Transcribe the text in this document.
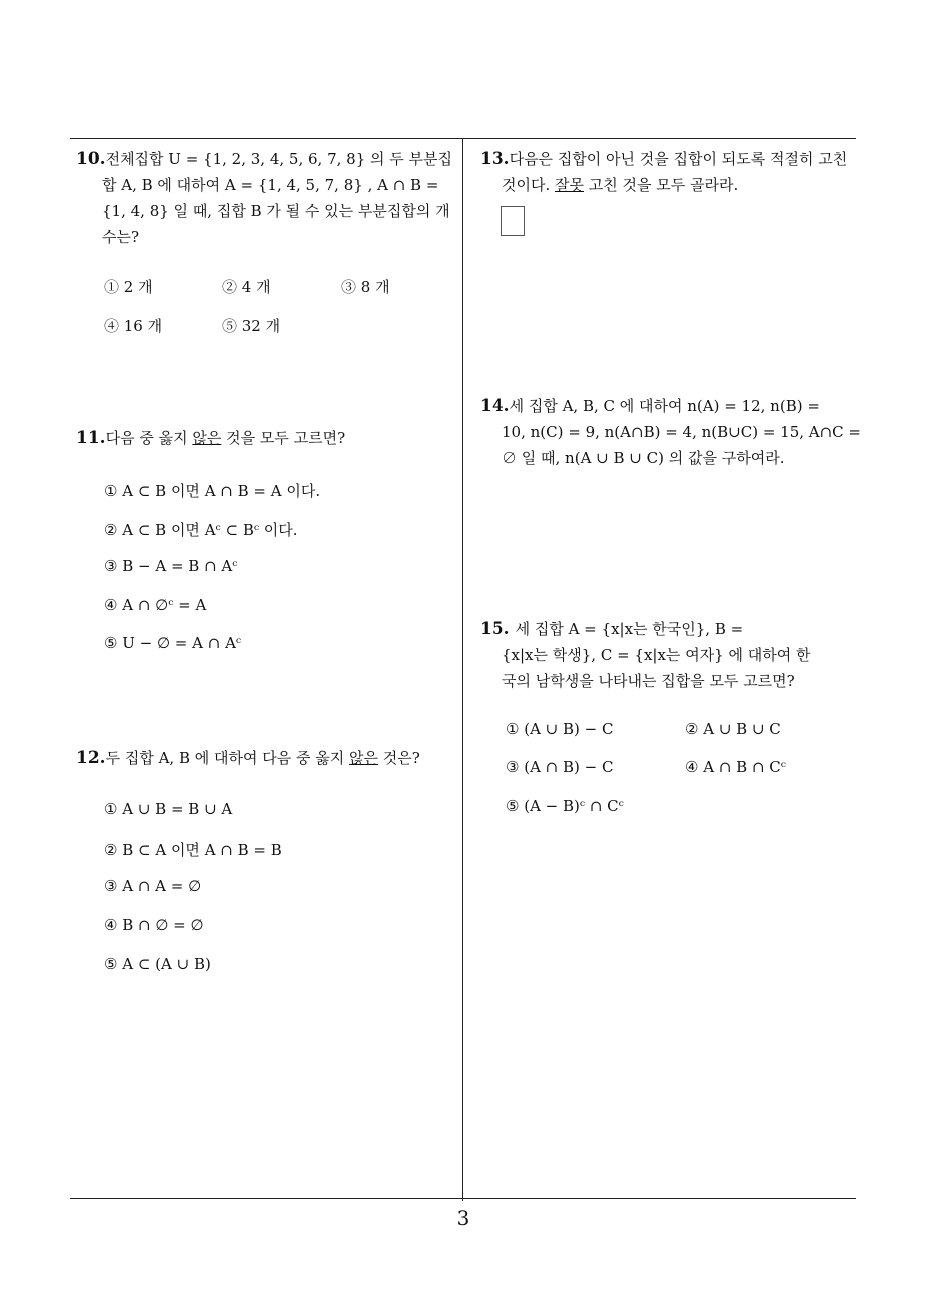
10.전체집합 U = {1, 2, 3, 4, 5, 6, 7, 8} 의 두 부분집
합 A, B 에 대하여 A = {1, 4, 5, 7, 8} , A ∩ B =
{1, 4, 8} 일 때, 집합 B 가 될 수 있는 부분집합의 개
수는?
① 2 개	② 4 개	③ 8 개
④ 16 개	⑤ 32 개
11.다음 중 옳지 않은 것을 모두 고르면?
① A ⊂ B 이면 A ∩ B = A 이다.
② A ⊂ B 이면 Aᶜ ⊂ Bᶜ 이다.
③ B − A = B ∩ Aᶜ
④ A ∩ ∅ᶜ = A
⑤ U − ∅ = A ∩ Aᶜ
12.두 집합 A, B 에 대하여 다음 중 옳지 않은 것은?
① A ∪ B = B ∪ A
② B ⊂ A 이면 A ∩ B = B
③ A ∩ A = ∅
④ B ∩ ∅ = ∅
⑤ A ⊂ (A ∪ B)
13.다음은 집합이 아닌 것을 집합이 되도록 적절히 고친
것이다. 잘못 고친 것을 모두 골라라.
14.세 집합 A, B, C 에 대하여 n(A) = 12, n(B) =
10, n(C) = 9, n(A∩B) = 4, n(B∪C) = 15, A∩C =
∅ 일 때, n(A ∪ B ∪ C) 의 값을 구하여라.
15. 세 집합 A = {x|x는 한국인}, B =
{x|x는 학생}, C = {x|x는 여자} 에 대하여 한
국의 남학생을 나타내는 집합을 모두 고르면?
① (A ∪ B) − C	② A ∪ B ∪ C
③ (A ∩ B) − C	④ A ∩ B ∩ Cᶜ
⑤ (A − B)ᶜ ∩ Cᶜ
3
